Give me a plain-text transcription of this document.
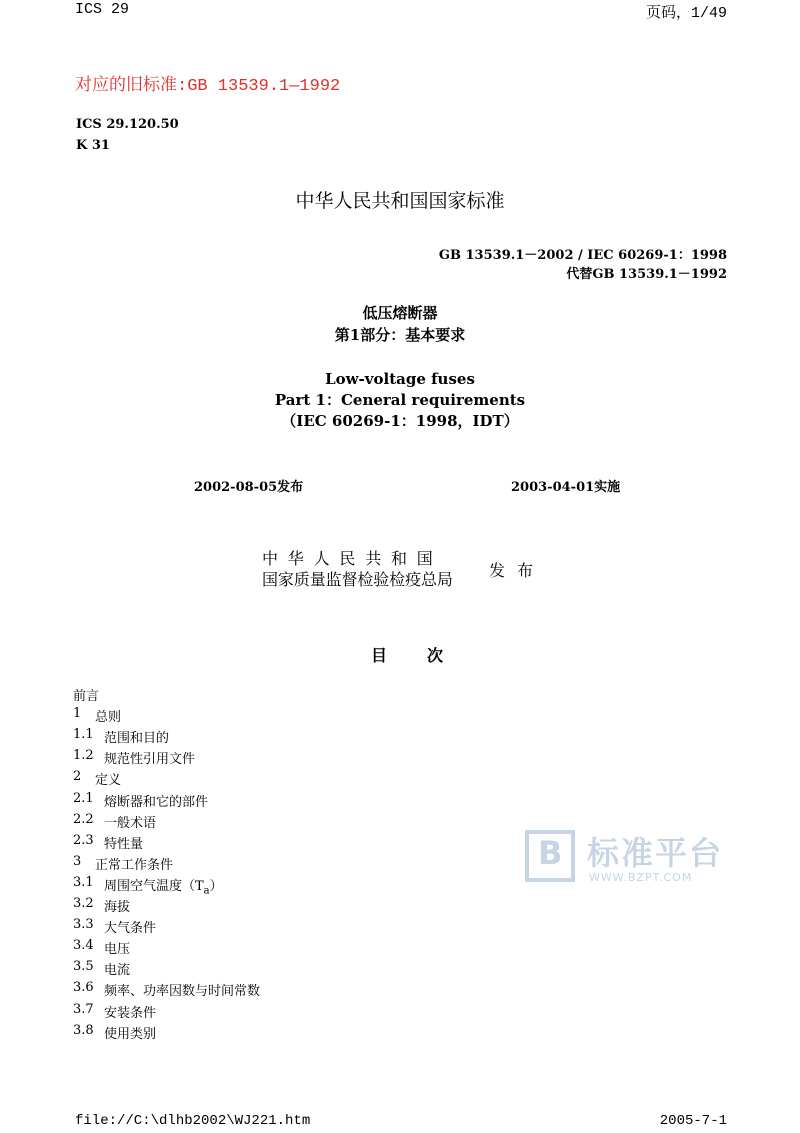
ICS 29	页码，1/49
对应的旧标准:GB 13539.1—1992
ICS 29.120.50
K 31
中华人民共和国国家标准
GB 13539.1－2002 / IEC 60269-1：1998
代替GB 13539.1－1992
低压熔断器
第1部分：基本要求
Low-voltage fuses
Part 1：Ceneral requirements
（IEC 60269-1：1998，IDT）
2002-08-05发布	2003-04-01实施
中华人民共和国
国家质量监督检验检疫总局 发布
目次
前言
1 总则
1.1 范围和目的
1.2 规范性引用文件
2 定义
2.1 熔断器和它的部件
2.2 一般术语
2.3 特性量
3 正常工作条件
3.1 周围空气温度$(T_a)$
3.2 海拔
3.3 大气条件
3.4 电压
3.5 电流
3.6 频率、功率因数与时间常数
3.7 安装条件
3.8 使用类别
B 标准平台
WWW.BZPT.COM
file://C:\dlhb2002\WJ221.htm	2005-7-1
